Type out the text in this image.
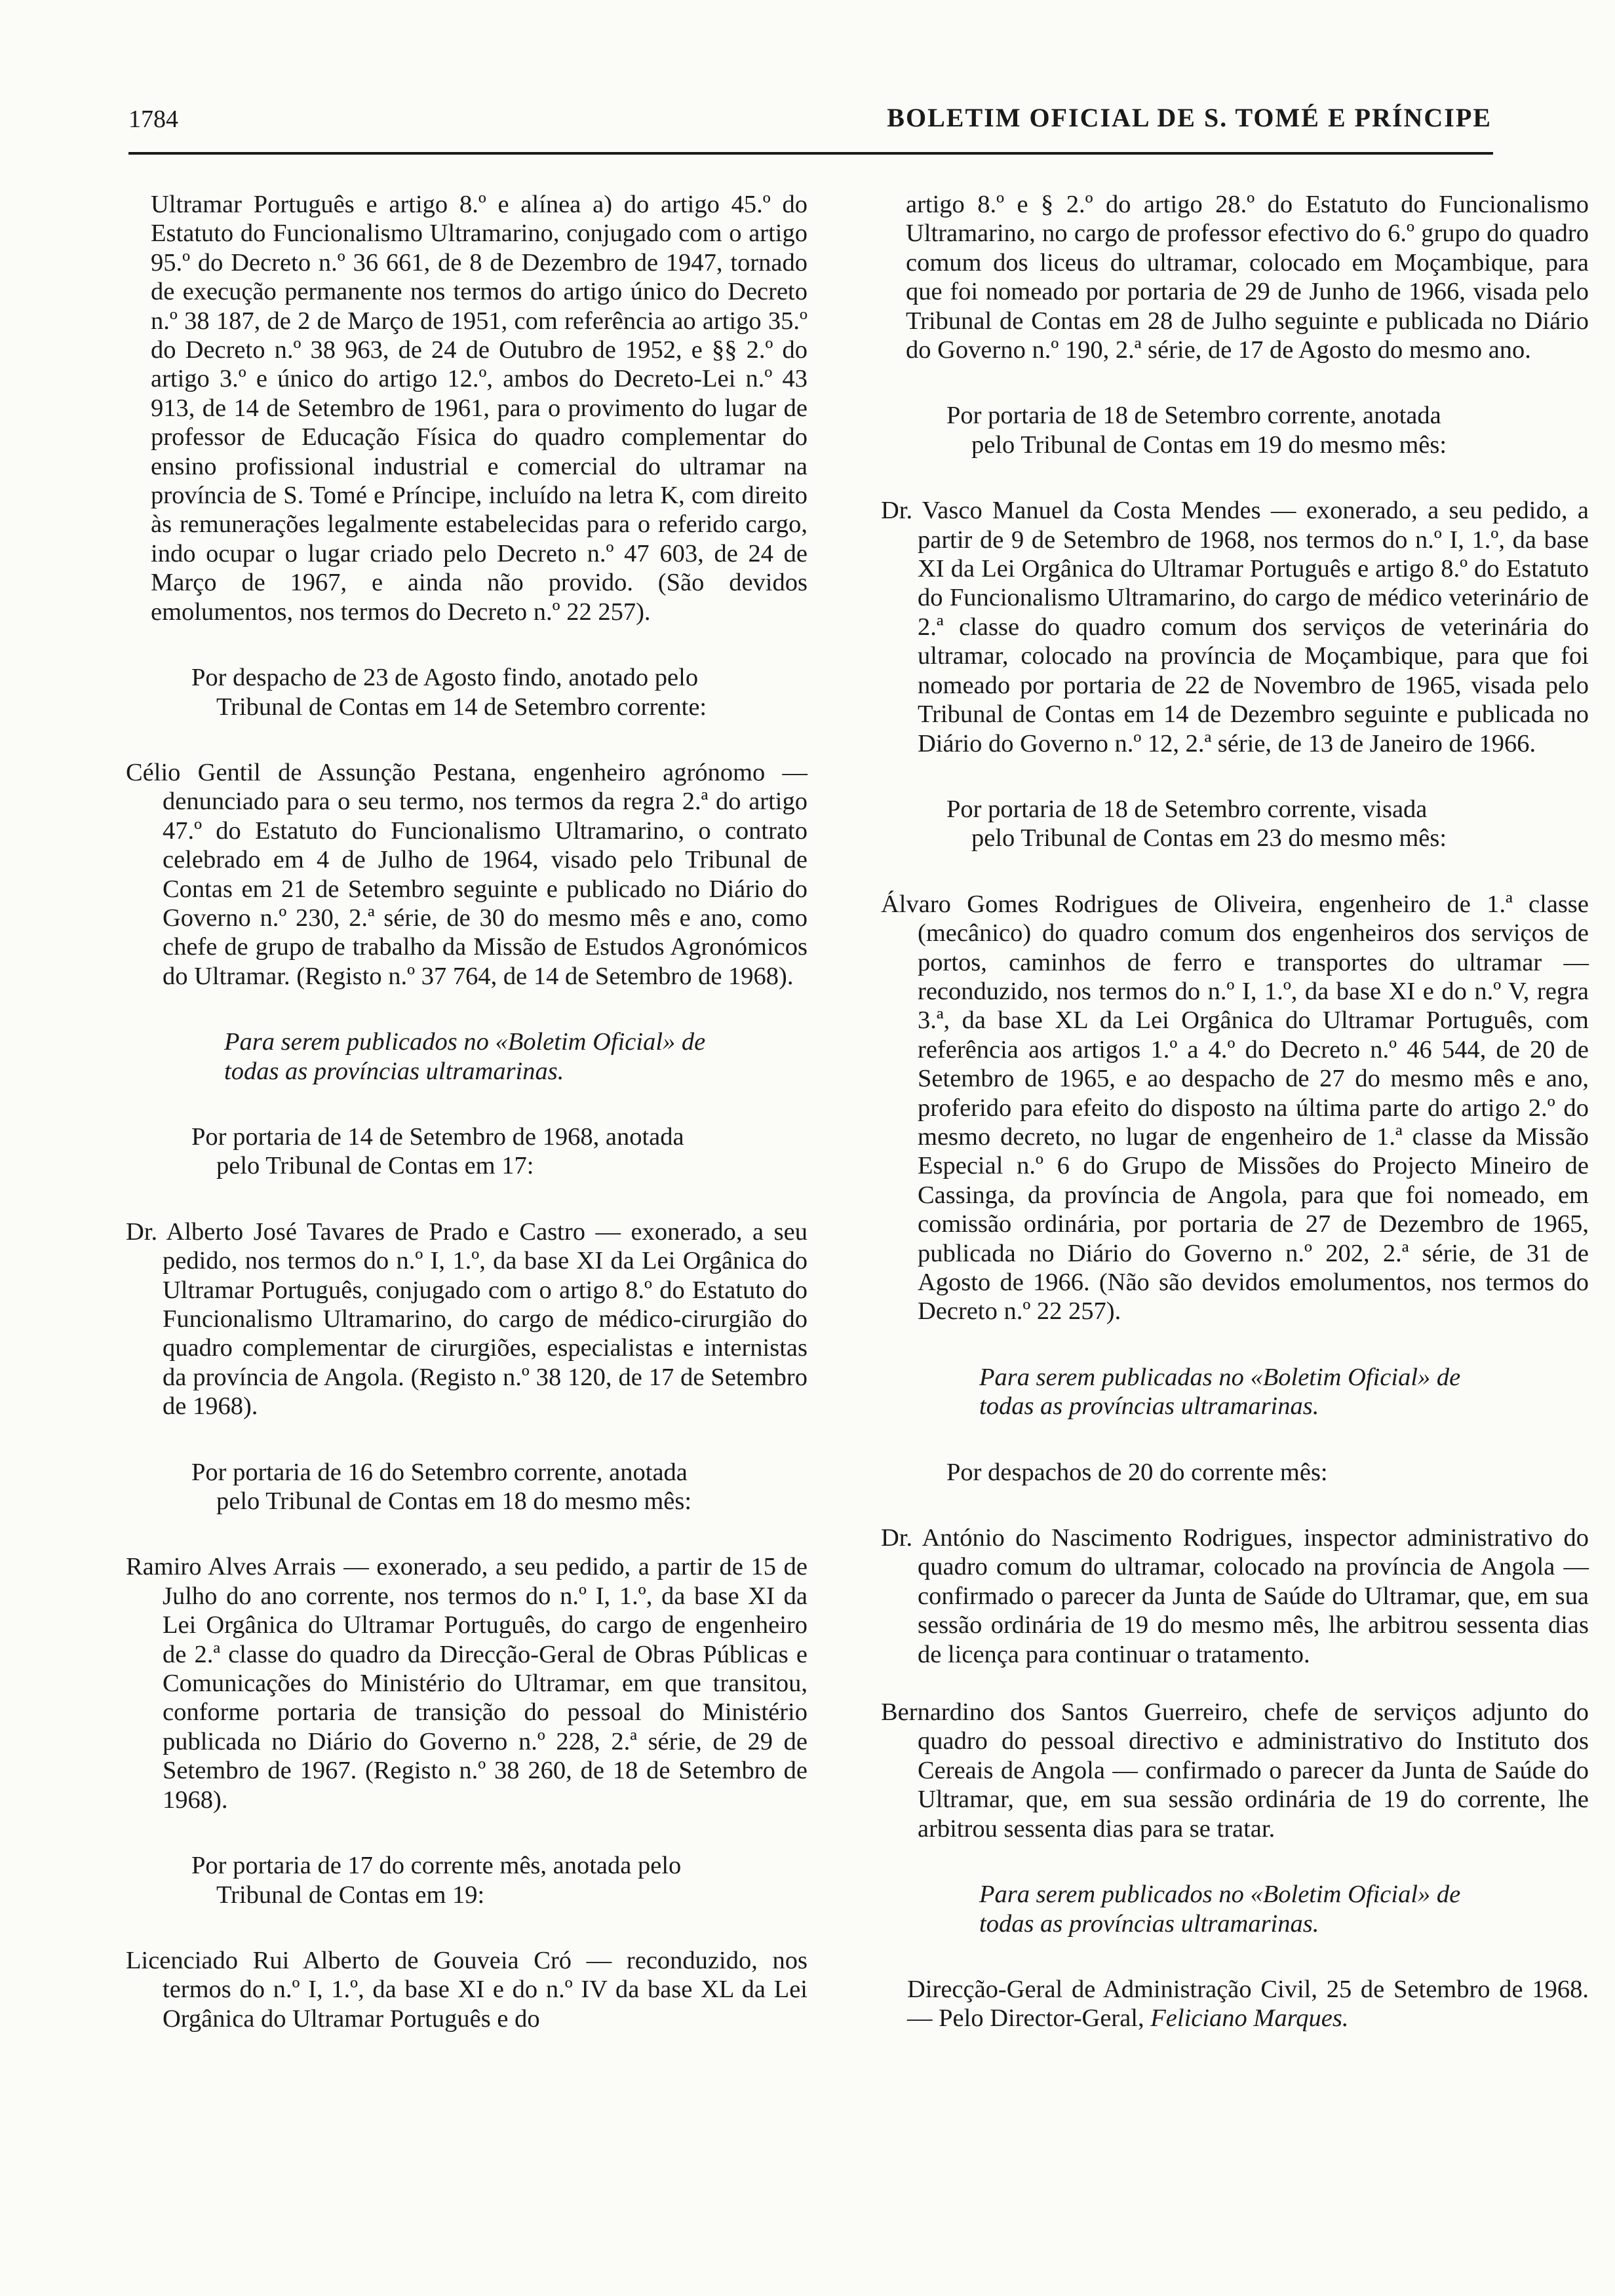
1784	BOLETIM OFICIAL DE S. TOMÉ E PRÍNCIPE

Ultramar Português e artigo 8.º e alínea a) do artigo 45.º do Estatuto do Funcionalismo Ultramarino, conjugado com o artigo 95.º do Decreto n.º 36 661, de 8 de Dezembro de 1947, tornado de execução permanente nos termos do artigo único do Decreto n.º 38 187, de 2 de Março de 1951, com referência ao artigo 35.º do Decreto n.º 38 963, de 24 de Outubro de 1952, e §§ 2.º do artigo 3.º e único do artigo 12.º, ambos do Decreto-Lei n.º 43 913, de 14 de Setembro de 1961, para o provimento do lugar de professor de Educação Física do quadro complementar do ensino profissional industrial e comercial do ultramar na província de S. Tomé e Príncipe, incluído na letra K, com direito às remunerações legalmente estabelecidas para o referido cargo, indo ocupar o lugar criado pelo Decreto n.º 47 603, de 24 de Março de 1967, e ainda não provido. (São devidos emolumentos, nos termos do Decreto n.º 22 257).

Por despacho de 23 de Agosto findo, anotado pelo
Tribunal de Contas em 14 de Setembro corrente:

Célio Gentil de Assunção Pestana, engenheiro agrónomo — denunciado para o seu termo, nos termos da regra 2.ª do artigo 47.º do Estatuto do Funcionalismo Ultramarino, o contrato celebrado em 4 de Julho de 1964, visado pelo Tribunal de Contas em 21 de Setembro seguinte e publicado no Diário do Governo n.º 230, 2.ª série, de 30 do mesmo mês e ano, como chefe de grupo de trabalho da Missão de Estudos Agronómicos do Ultramar. (Registo n.º 37 764, de 14 de Setembro de 1968).

Para serem publicados no «Boletim Oficial» de
todas as províncias ultramarinas.

Por portaria de 14 de Setembro de 1968, anotada
pelo Tribunal de Contas em 17:

Dr. Alberto José Tavares de Prado e Castro — exonerado, a seu pedido, nos termos do n.º I, 1.º, da base XI da Lei Orgânica do Ultramar Português, conjugado com o artigo 8.º do Estatuto do Funcionalismo Ultramarino, do cargo de médico-cirurgião do quadro complementar de cirurgiões, especialistas e internistas da província de Angola. (Registo n.º 38 120, de 17 de Setembro de 1968).

Por portaria de 16 do Setembro corrente, anotada
pelo Tribunal de Contas em 18 do mesmo mês:

Ramiro Alves Arrais — exonerado, a seu pedido, a partir de 15 de Julho do ano corrente, nos termos do n.º I, 1.º, da base XI da Lei Orgânica do Ultramar Português, do cargo de engenheiro de 2.ª classe do quadro da Direcção-Geral de Obras Públicas e Comunicações do Ministério do Ultramar, em que transitou, conforme portaria de transição do pessoal do Ministério publicada no Diário do Governo n.º 228, 2.ª série, de 29 de Setembro de 1967. (Registo n.º 38 260, de 18 de Setembro de 1968).

Por portaria de 17 do corrente mês, anotada pelo
Tribunal de Contas em 19:

Licenciado Rui Alberto de Gouveia Cró — reconduzido, nos termos do n.º I, 1.º, da base XI e do n.º IV da base XL da Lei Orgânica do Ultramar Português e do

artigo 8.º e § 2.º do artigo 28.º do Estatuto do Funcionalismo Ultramarino, no cargo de professor efectivo do 6.º grupo do quadro comum dos liceus do ultramar, colocado em Moçambique, para que foi nomeado por portaria de 29 de Junho de 1966, visada pelo Tribunal de Contas em 28 de Julho seguinte e publicada no Diário do Governo n.º 190, 2.ª série, de 17 de Agosto do mesmo ano.

Por portaria de 18 de Setembro corrente, anotada
pelo Tribunal de Contas em 19 do mesmo mês:

Dr. Vasco Manuel da Costa Mendes — exonerado, a seu pedido, a partir de 9 de Setembro de 1968, nos termos do n.º I, 1.º, da base XI da Lei Orgânica do Ultramar Português e artigo 8.º do Estatuto do Funcionalismo Ultramarino, do cargo de médico veterinário de 2.ª classe do quadro comum dos serviços de veterinária do ultramar, colocado na província de Moçambique, para que foi nomeado por portaria de 22 de Novembro de 1965, visada pelo Tribunal de Contas em 14 de Dezembro seguinte e publicada no Diário do Governo n.º 12, 2.ª série, de 13 de Janeiro de 1966.

Por portaria de 18 de Setembro corrente, visada
pelo Tribunal de Contas em 23 do mesmo mês:

Álvaro Gomes Rodrigues de Oliveira, engenheiro de 1.ª classe (mecânico) do quadro comum dos engenheiros dos serviços de portos, caminhos de ferro e transportes do ultramar — reconduzido, nos termos do n.º I, 1.º, da base XI e do n.º V, regra 3.ª, da base XL da Lei Orgânica do Ultramar Português, com referência aos artigos 1.º a 4.º do Decreto n.º 46 544, de 20 de Setembro de 1965, e ao despacho de 27 do mesmo mês e ano, proferido para efeito do disposto na última parte do artigo 2.º do mesmo decreto, no lugar de engenheiro de 1.ª classe da Missão Especial n.º 6 do Grupo de Missões do Projecto Mineiro de Cassinga, da província de Angola, para que foi nomeado, em comissão ordinária, por portaria de 27 de Dezembro de 1965, publicada no Diário do Governo n.º 202, 2.ª série, de 31 de Agosto de 1966. (Não são devidos emolumentos, nos termos do Decreto n.º 22 257).

Para serem publicadas no «Boletim Oficial» de
todas as províncias ultramarinas.

Por despachos de 20 do corrente mês:

Dr. António do Nascimento Rodrigues, inspector administrativo do quadro comum do ultramar, colocado na província de Angola — confirmado o parecer da Junta de Saúde do Ultramar, que, em sua sessão ordinária de 19 do mesmo mês, lhe arbitrou sessenta dias de licença para continuar o tratamento.

Bernardino dos Santos Guerreiro, chefe de serviços adjunto do quadro do pessoal directivo e administrativo do Instituto dos Cereais de Angola — confirmado o parecer da Junta de Saúde do Ultramar, que, em sua sessão ordinária de 19 do corrente, lhe arbitrou sessenta dias para se tratar.

Para serem publicados no «Boletim Oficial» de
todas as províncias ultramarinas.

Direcção-Geral de Administração Civil, 25 de Setembro de 1968. — Pelo Director-Geral, Feliciano Marques.
